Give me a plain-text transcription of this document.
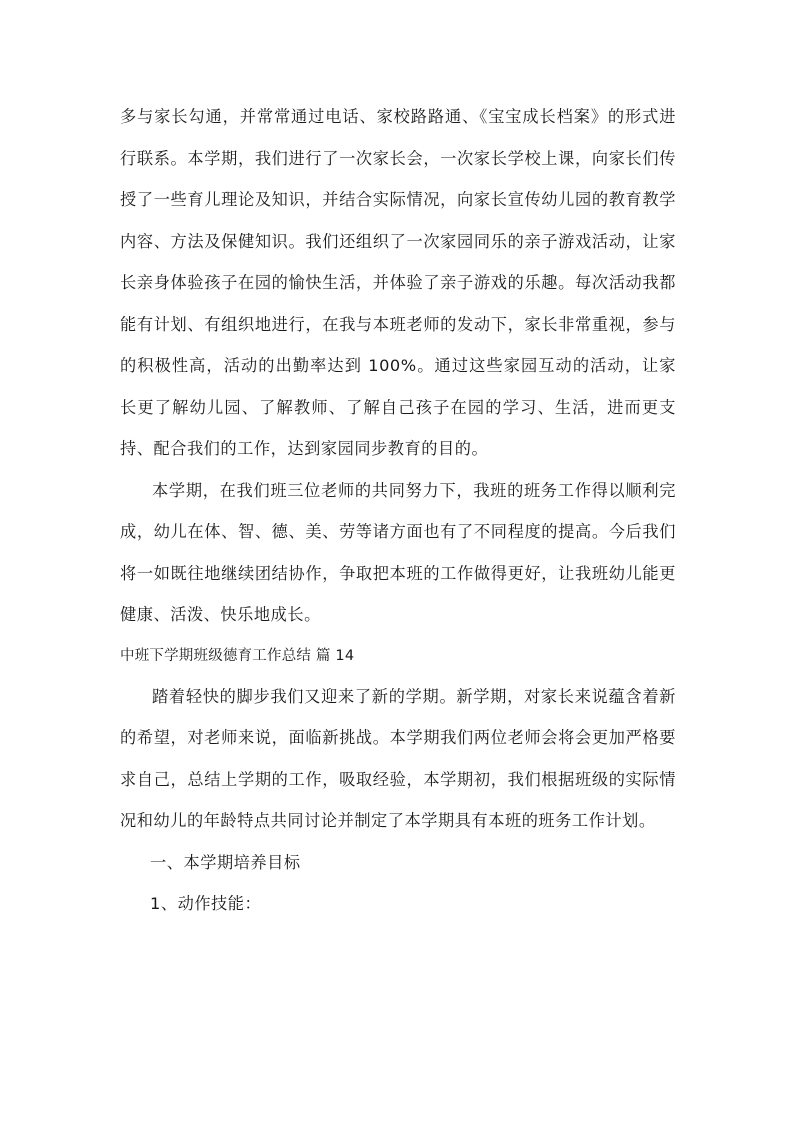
多与家长勾通，并常常通过电话、家校路路通、《宝宝成长档案》的形式进行联系。本学期，我们进行了一次家长会，一次家长学校上课，向家长们传授了一些育儿理论及知识，并结合实际情况，向家长宣传幼儿园的教育教学内容、方法及保健知识。我们还组织了一次家园同乐的亲子游戏活动，让家长亲身体验孩子在园的愉快生活，并体验了亲子游戏的乐趣。每次活动我都能有计划、有组织地进行，在我与本班老师的发动下，家长非常重视，参与的积极性高，活动的出勤率达到 100%。通过这些家园互动的活动，让家长更了解幼儿园、了解教师、了解自己孩子在园的学习、生活，进而更支持、配合我们的工作，达到家园同步教育的目的。

本学期，在我们班三位老师的共同努力下，我班的班务工作得以顺利完成，幼儿在体、智、德、美、劳等诸方面也有了不同程度的提高。今后我们将一如既往地继续团结协作，争取把本班的工作做得更好，让我班幼儿能更健康、活泼、快乐地成长。

中班下学期班级德育工作总结 篇 14

踏着轻快的脚步我们又迎来了新的学期。新学期，对家长来说蕴含着新的希望，对老师来说，面临新挑战。本学期我们两位老师会将会更加严格要求自己，总结上学期的工作，吸取经验，本学期初，我们根据班级的实际情况和幼儿的年龄特点共同讨论并制定了本学期具有本班的班务工作计划。

一、本学期培养目标

1、动作技能：
